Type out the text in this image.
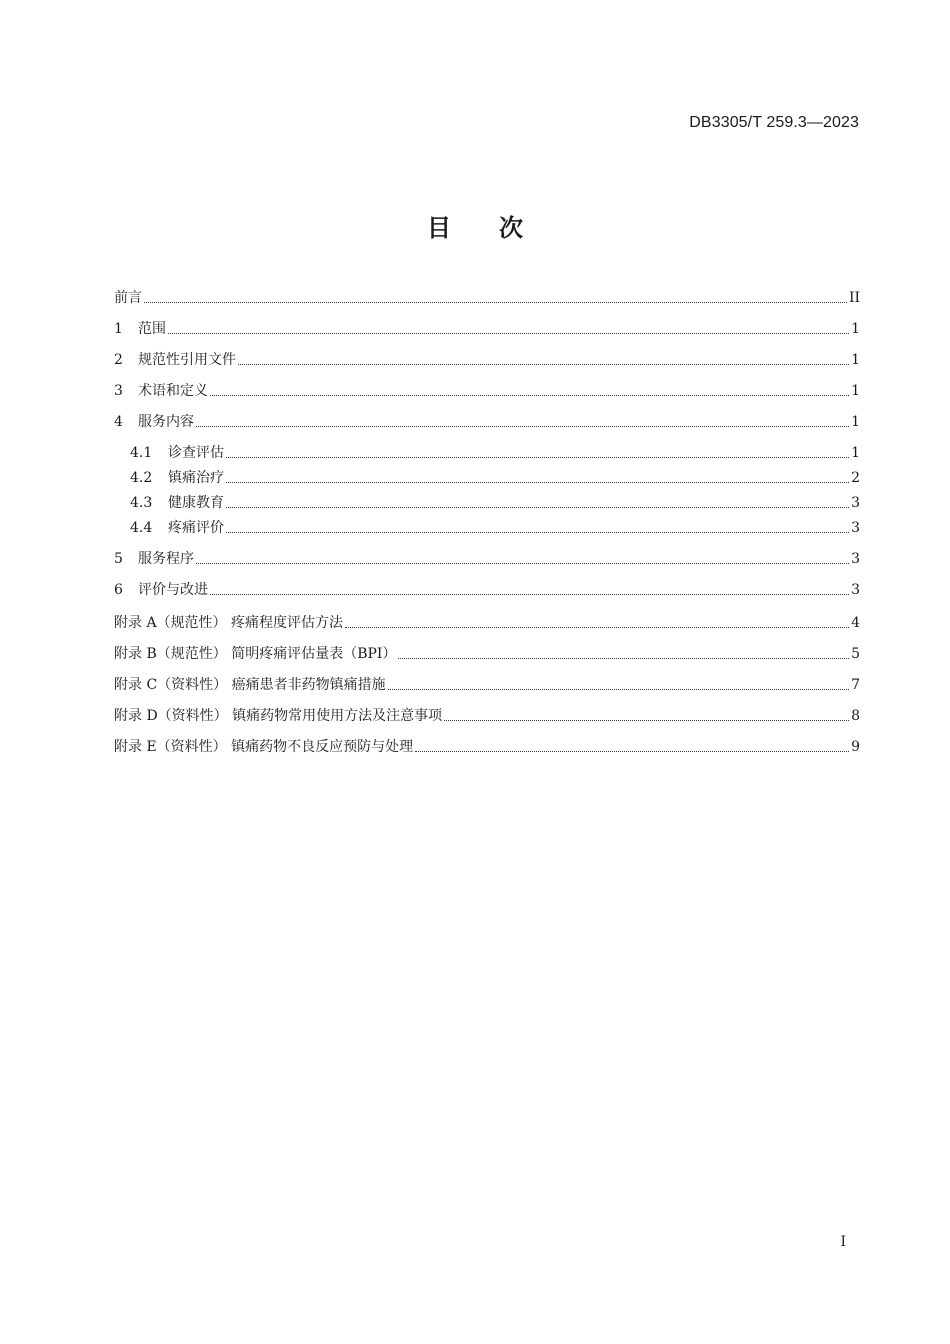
DB3305/T 259.3—2023
目 次
前言	II
1	范围	1
2	规范性引用文件	1
3	术语和定义	1
4	服务内容	1
4.1	诊查评估	1
4.2	镇痛治疗	2
4.3	健康教育	3
4.4	疼痛评价	3
5	服务程序	3
6	评价与改进	3
附录 A（规范性） 疼痛程度评估方法	4
附录 B（规范性） 简明疼痛评估量表（BPI）	5
附录 C（资料性） 癌痛患者非药物镇痛措施	7
附录 D（资料性） 镇痛药物常用使用方法及注意事项	8
附录 E（资料性） 镇痛药物不良反应预防与处理	9
I
